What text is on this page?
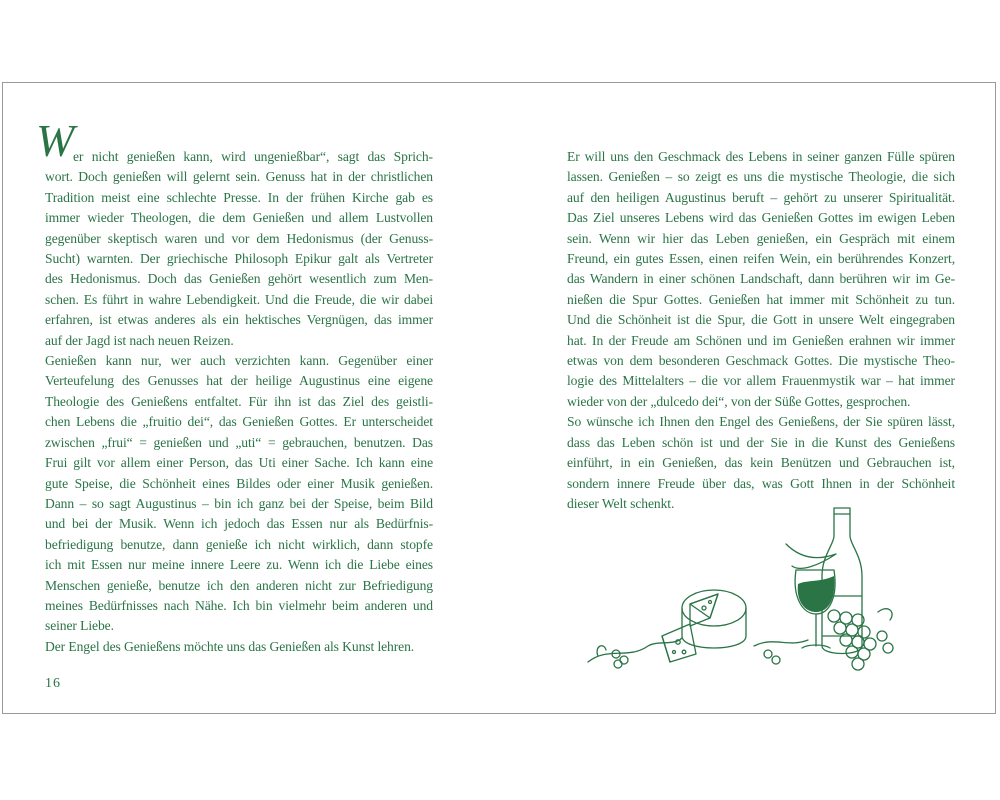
W
er nicht genießen kann, wird ungenießbar“, sagt das Sprich-
wort. Doch genießen will gelernt sein. Genuss hat in der christlichen
Tradition meist eine schlechte Presse. In der frühen Kirche gab es
immer wieder Theologen, die dem Genießen und allem Lustvollen
gegenüber skeptisch waren und vor dem Hedonismus (der Genuss-
Sucht) warnten. Der griechische Philosoph Epikur galt als Vertreter
des Hedonismus. Doch das Genießen gehört wesentlich zum Men-
schen. Es führt in wahre Lebendigkeit. Und die Freude, die wir dabei
erfahren, ist etwas anderes als ein hektisches Vergnügen, das immer
auf der Jagd ist nach neuen Reizen.
Genießen kann nur, wer auch verzichten kann. Gegenüber einer
Verteufelung des Genusses hat der heilige Augustinus eine eigene
Theologie des Genießens entfaltet. Für ihn ist das Ziel des geistli-
chen Lebens die „fruitio dei“, das Genießen Gottes. Er unterscheidet
zwischen „frui“ = genießen und „uti“ = gebrauchen, benutzen. Das
Frui gilt vor allem einer Person, das Uti einer Sache. Ich kann eine
gute Speise, die Schönheit eines Bildes oder einer Musik genießen.
Dann – so sagt Augustinus – bin ich ganz bei der Speise, beim Bild
und bei der Musik. Wenn ich jedoch das Essen nur als Bedürfnis-
befriedigung benutze, dann genieße ich nicht wirklich, dann stopfe
ich mit Essen nur meine innere Leere zu. Wenn ich die Liebe eines
Menschen genieße, benutze ich den anderen nicht zur Befriedigung
meines Bedürfnisses nach Nähe. Ich bin vielmehr beim anderen und
seiner Liebe.
Der Engel des Genießens möchte uns das Genießen als Kunst lehren.
Er will uns den Geschmack des Lebens in seiner ganzen Fülle spüren
lassen. Genießen – so zeigt es uns die mystische Theologie, die sich
auf den heiligen Augustinus beruft – gehört zu unserer Spiritualität.
Das Ziel unseres Lebens wird das Genießen Gottes im ewigen Leben
sein. Wenn wir hier das Leben genießen, ein Gespräch mit einem
Freund, ein gutes Essen, einen reifen Wein, ein berührendes Konzert,
das Wandern in einer schönen Landschaft, dann berühren wir im Ge-
nießen die Spur Gottes. Genießen hat immer mit Schönheit zu tun.
Und die Schönheit ist die Spur, die Gott in unsere Welt eingegraben
hat. In der Freude am Schönen und im Genießen erahnen wir immer
etwas von dem besonderen Geschmack Gottes. Die mystische Theo-
logie des Mittelalters – die vor allem Frauenmystik war – hat immer
wieder von der „dulcedo dei“, von der Süße Gottes, gesprochen.
So wünsche ich Ihnen den Engel des Genießens, der Sie spüren lässt,
dass das Leben schön ist und der Sie in die Kunst des Genießens
einführt, in ein Genießen, das kein Benützen und Gebrauchen ist,
sondern innere Freude über das, was Gott Ihnen in der Schönheit
dieser Welt schenkt.
16
